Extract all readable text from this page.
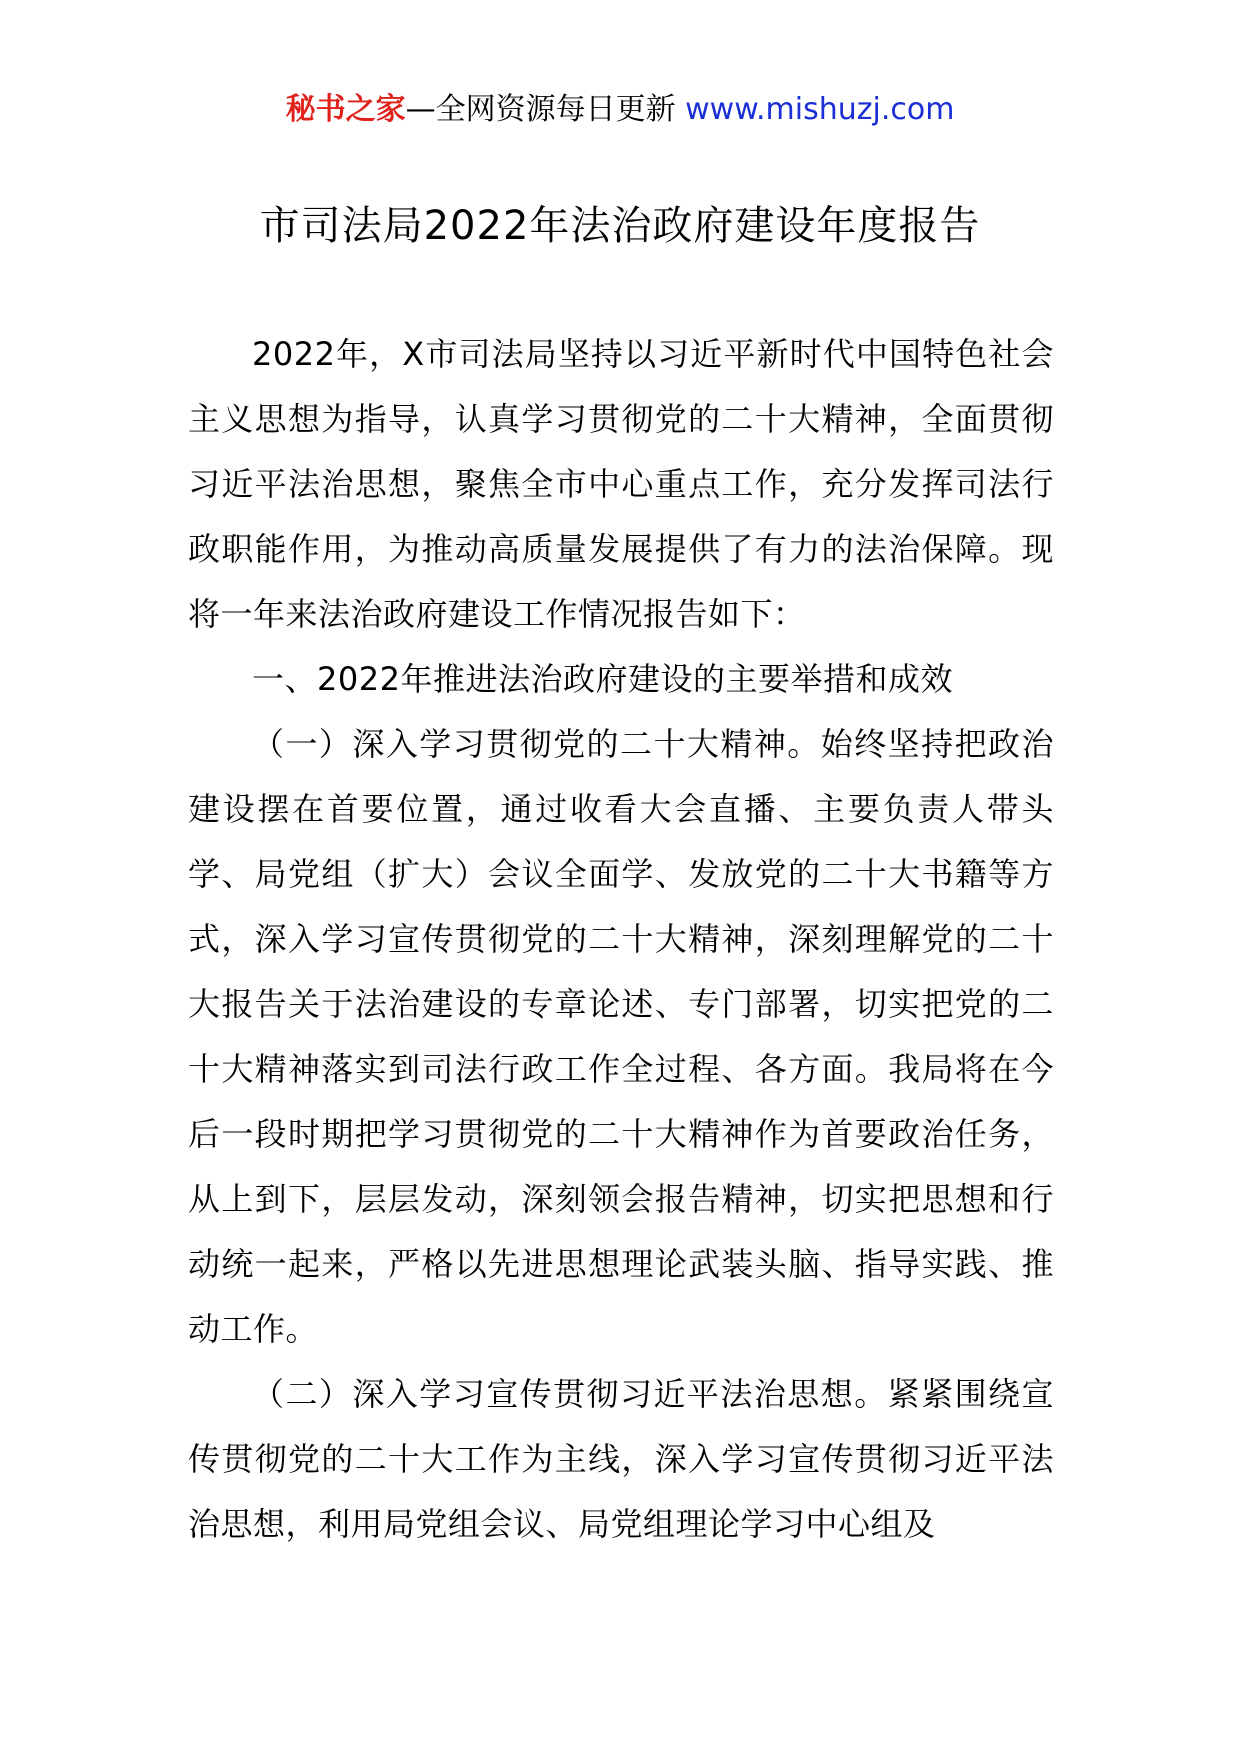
秘书之家—全网资源每日更新 www.mishuzj.com
市司法局2022年法治政府建设年度报告

2022年，X市司法局坚持以习近平新时代中国特色社会主义思想为指导，认真学习贯彻党的二十大精神，全面贯彻习近平法治思想，聚焦全市中心重点工作，充分发挥司法行政职能作用，为推动高质量发展提供了有力的法治保障。现将一年来法治政府建设工作情况报告如下：

一、2022年推进法治政府建设的主要举措和成效

（一）深入学习贯彻党的二十大精神。始终坚持把政治建设摆在首要位置，通过收看大会直播、主要负责人带头学、局党组（扩大）会议全面学、发放党的二十大书籍等方式，深入学习宣传贯彻党的二十大精神，深刻理解党的二十大报告关于法治建设的专章论述、专门部署，切实把党的二十大精神落实到司法行政工作全过程、各方面。我局将在今后一段时期把学习贯彻党的二十大精神作为首要政治任务，从上到下，层层发动，深刻领会报告精神，切实把思想和行动统一起来，严格以先进思想理论武装头脑、指导实践、推动工作。

（二）深入学习宣传贯彻习近平法治思想。紧紧围绕宣传贯彻党的二十大工作为主线，深入学习宣传贯彻习近平法治思想，利用局党组会议、局党组理论学习中心组及
